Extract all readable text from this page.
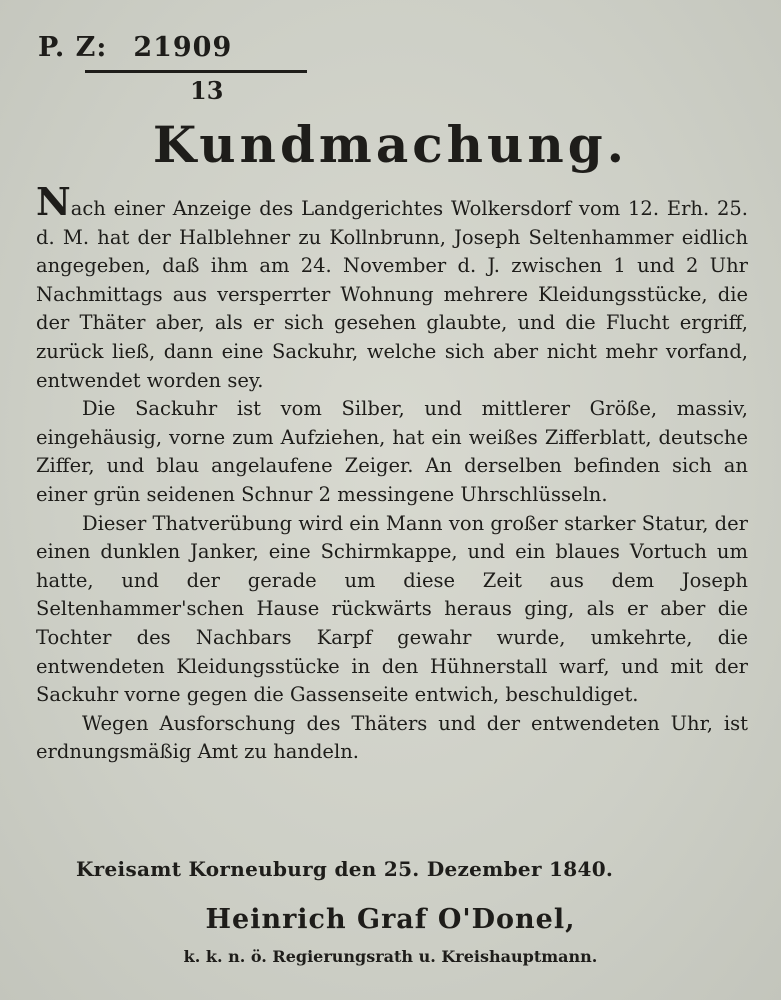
P. Z: 21909
13
Kundmachung.

Nach einer Anzeige des Landgerichtes Wolkersdorf vom 12. Erh. 25. d. M. hat der Halblehner zu Kollnbrunn, Joseph Seltenhammer eidlich angegeben, daß ihm am 24. November d. J. zwischen 1 und 2 Uhr Nachmittags aus versperrter Wohnung mehrere Kleidungsstücke, die der Thäter aber, als er sich gesehen glaubte, und die Flucht ergriff, zurück ließ, dann eine Sackuhr, welche sich aber nicht mehr vorfand, entwendet worden sey.

Die Sackuhr ist vom Silber, und mittlerer Größe, massiv, eingehäusig, vorne zum Aufziehen, hat ein weißes Zifferblatt, deutsche Ziffer, und blau angelaufene Zeiger. An derselben befinden sich an einer grün seidenen Schnur 2 messingene Uhrschlüsseln.

Dieser Thatverübung wird ein Mann von großer starker Statur, der einen dunklen Janker, eine Schirmkappe, und ein blaues Vortuch um hatte, und der gerade um diese Zeit aus dem Joseph Seltenhammer'schen Hause rückwärts heraus ging, als er aber die Tochter des Nachbars Karpf gewahr wurde, umkehrte, die entwendeten Kleidungsstücke in den Hühnerstall warf, und mit der Sackuhr vorne gegen die Gassenseite entwich, beschuldiget.

Wegen Ausforschung des Thäters und der entwendeten Uhr, ist erdnungsmäßig Amt zu handeln.

Kreisamt Korneuburg den 25. Dezember 1840.
Heinrich Graf O'Donel,
k. k. n. ö. Regierungsrath u. Kreishauptmann.
